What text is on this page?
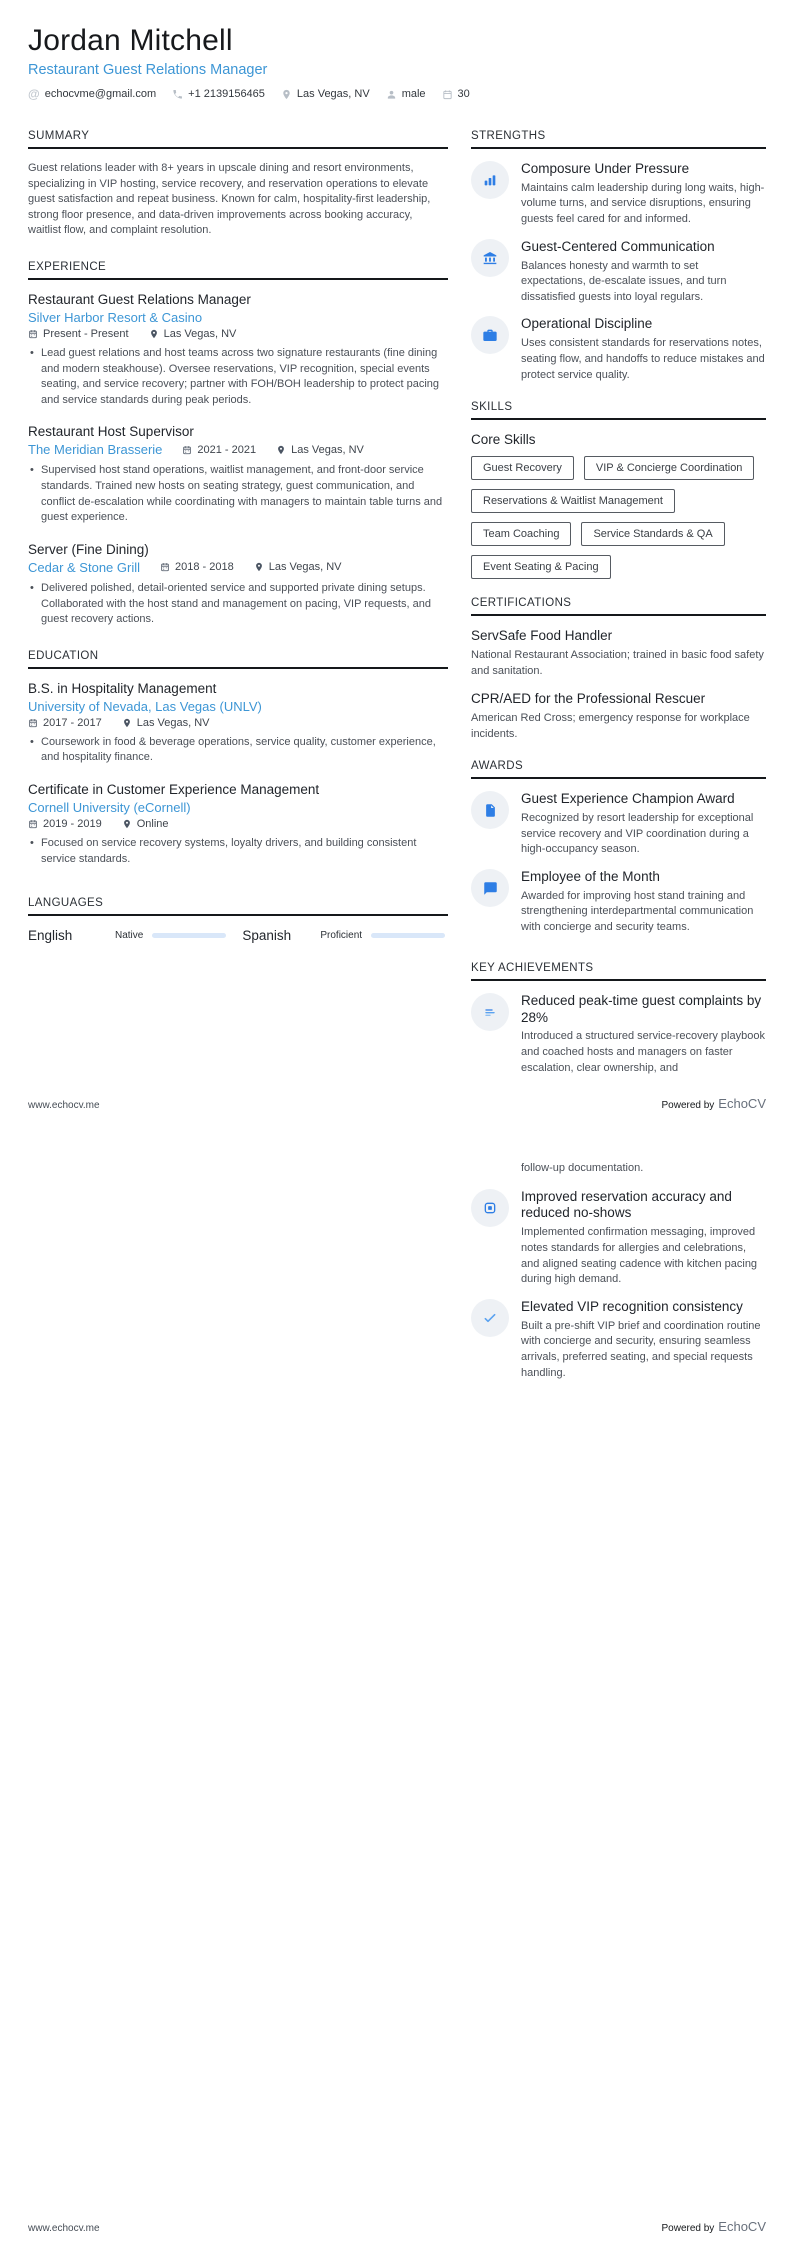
Jordan Mitchell
Restaurant Guest Relations Manager
@ echocvme@gmail.com	+1 2139156465	Las Vegas, NV	male	30
SUMMARY
Guest relations leader with 8+ years in upscale dining and resort environments, specializing in VIP hosting, service recovery, and reservation operations to elevate guest satisfaction and repeat business. Known for calm, hospitality-first leadership, strong floor presence, and data-driven improvements across booking accuracy, waitlist flow, and complaint resolution.
EXPERIENCE
Restaurant Guest Relations Manager
Silver Harbor Resort & Casino
Present - Present	Las Vegas, NV
• Lead guest relations and host teams across two signature restaurants (fine dining and modern steakhouse). Oversee reservations, VIP recognition, special events seating, and service recovery; partner with FOH/BOH leadership to protect pacing and service standards during peak periods.
Restaurant Host Supervisor
The Meridian Brasserie	2021 - 2021	Las Vegas, NV
• Supervised host stand operations, waitlist management, and front-door service standards. Trained new hosts on seating strategy, guest communication, and conflict de-escalation while coordinating with managers to maintain table turns and guest experience.
Server (Fine Dining)
Cedar & Stone Grill	2018 - 2018	Las Vegas, NV
• Delivered polished, detail-oriented service and supported private dining setups. Collaborated with the host stand and management on pacing, VIP requests, and guest recovery actions.
EDUCATION
B.S. in Hospitality Management
University of Nevada, Las Vegas (UNLV)
2017 - 2017	Las Vegas, NV
• Coursework in food & beverage operations, service quality, customer experience, and hospitality finance.
Certificate in Customer Experience Management
Cornell University (eCornell)
2019 - 2019	Online
• Focused on service recovery systems, loyalty drivers, and building consistent service standards.
LANGUAGES
English	Native	Spanish	Proficient
STRENGTHS
Composure Under Pressure
Maintains calm leadership during long waits, high-volume turns, and service disruptions, ensuring guests feel cared for and informed.
Guest-Centered Communication
Balances honesty and warmth to set expectations, de-escalate issues, and turn dissatisfied guests into loyal regulars.
Operational Discipline
Uses consistent standards for reservations notes, seating flow, and handoffs to reduce mistakes and protect service quality.
SKILLS
Core Skills
Guest Recovery	VIP & Concierge Coordination
Reservations & Waitlist Management
Team Coaching	Service Standards & QA
Event Seating & Pacing
CERTIFICATIONS
ServSafe Food Handler
National Restaurant Association; trained in basic food safety and sanitation.
CPR/AED for the Professional Rescuer
American Red Cross; emergency response for workplace incidents.
AWARDS
Guest Experience Champion Award
Recognized by resort leadership for exceptional service recovery and VIP coordination during a high-occupancy season.
Employee of the Month
Awarded for improving host stand training and strengthening interdepartmental communication with concierge and security teams.
KEY ACHIEVEMENTS
Reduced peak-time guest complaints by 28%
Introduced a structured service-recovery playbook and coached hosts and managers on faster escalation, clear ownership, and
www.echocv.me	Powered by EchoCV
follow-up documentation.
Improved reservation accuracy and reduced no-shows
Implemented confirmation messaging, improved notes standards for allergies and celebrations, and aligned seating cadence with kitchen pacing during high demand.
Elevated VIP recognition consistency
Built a pre-shift VIP brief and coordination routine with concierge and security, ensuring seamless arrivals, preferred seating, and special requests handling.
www.echocv.me	Powered by EchoCV
